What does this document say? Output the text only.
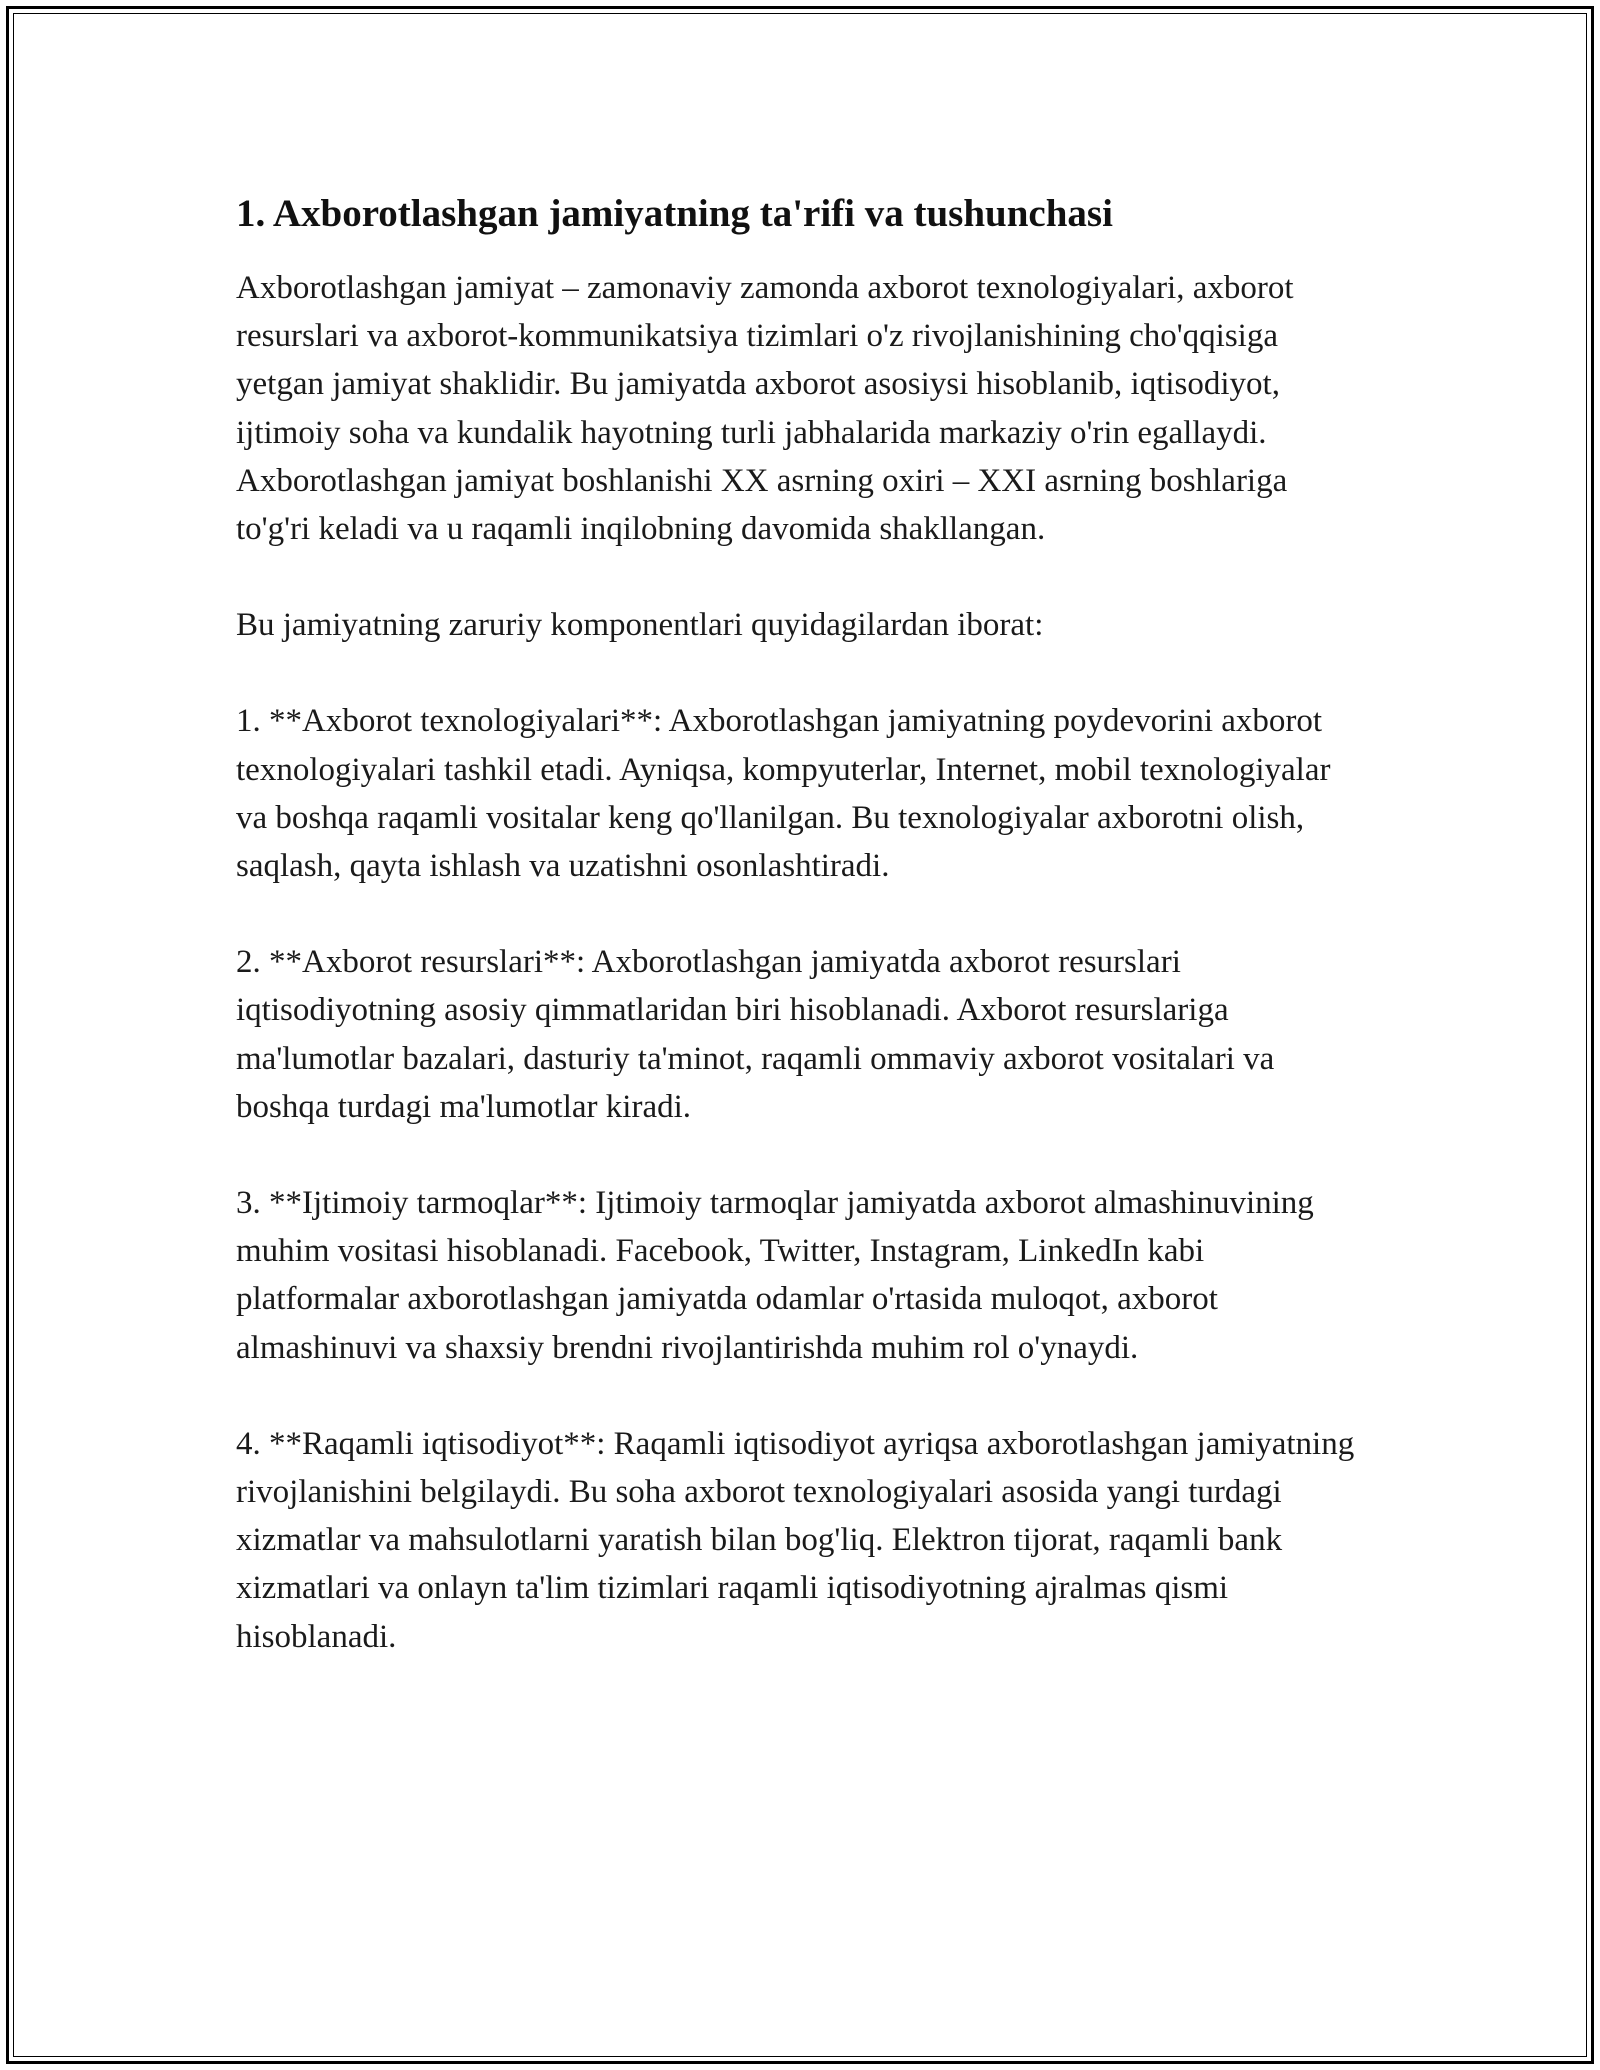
1. Axborotlashgan jamiyatning ta'rifi va tushunchasi

Axborotlashgan jamiyat – zamonaviy zamonda axborot texnologiyalari, axborot resurslari va axborot-kommunikatsiya tizimlari o'z rivojlanishining cho'qqisiga yetgan jamiyat shaklidir. Bu jamiyatda axborot asosiysi hisoblanib, iqtisodiyot, ijtimoiy soha va kundalik hayotning turli jabhalarida markaziy o'rin egallaydi. Axborotlashgan jamiyat boshlanishi XX asrning oxiri – XXI asrning boshlariga to'g'ri keladi va u raqamli inqilobning davomida shakllangan.

Bu jamiyatning zaruriy komponentlari quyidagilardan iborat:

1. **Axborot texnologiyalari**: Axborotlashgan jamiyatning poydevorini axborot texnologiyalari tashkil etadi. Ayniqsa, kompyuterlar, Internet, mobil texnologiyalar va boshqa raqamli vositalar keng qo'llanilgan. Bu texnologiyalar axborotni olish, saqlash, qayta ishlash va uzatishni osonlashtiradi.

2. **Axborot resurslari**: Axborotlashgan jamiyatda axborot resurslari iqtisodiyotning asosiy qimmatlaridan biri hisoblanadi. Axborot resurslariga ma'lumotlar bazalari, dasturiy ta'minot, raqamli ommaviy axborot vositalari va boshqa turdagi ma'lumotlar kiradi.

3. **Ijtimoiy tarmoqlar**: Ijtimoiy tarmoqlar jamiyatda axborot almashinuvining muhim vositasi hisoblanadi. Facebook, Twitter, Instagram, LinkedIn kabi platformalar axborotlashgan jamiyatda odamlar o'rtasida muloqot, axborot almashinuvi va shaxsiy brendni rivojlantirishda muhim rol o'ynaydi.

4. **Raqamli iqtisodiyot**: Raqamli iqtisodiyot ayriqsa axborotlashgan jamiyatning rivojlanishini belgilaydi. Bu soha axborot texnologiyalari asosida yangi turdagi xizmatlar va mahsulotlarni yaratish bilan bog'liq. Elektron tijorat, raqamli bank xizmatlari va onlayn ta'lim tizimlari raqamli iqtisodiyotning ajralmas qismi hisoblanadi.
